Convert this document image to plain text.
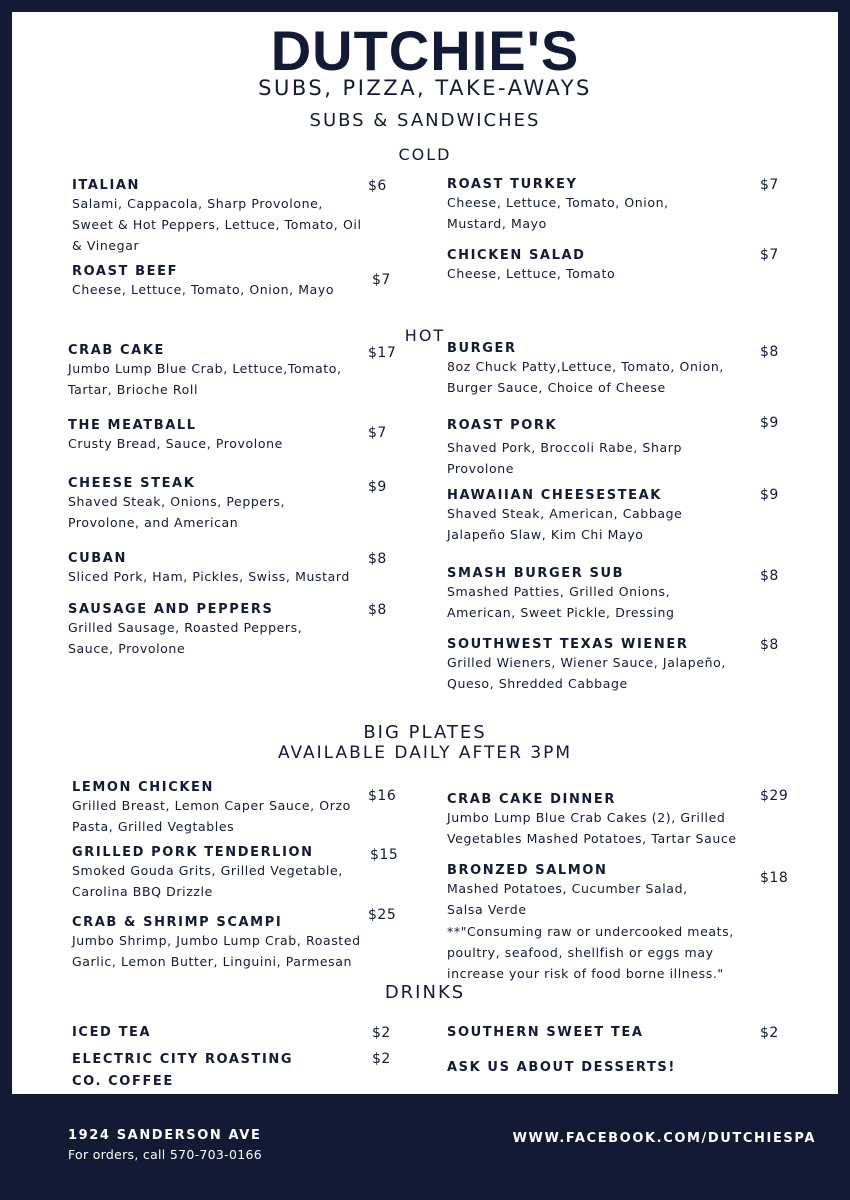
DUTCHIE'S
SUBS, PIZZA, TAKE-AWAYS
SUBS & SANDWICHES
COLD
ITALIAN
Salami, Cappacola, Sharp Provolone, Sweet & Hot Peppers, Lettuce, Tomato, Oil & Vinegar
$6
ROAST BEEF
Cheese, Lettuce, Tomato, Onion, Mayo
$7
ROAST TURKEY
Cheese, Lettuce, Tomato, Onion, Mustard, Mayo
$7
CHICKEN SALAD
Cheese, Lettuce, Tomato
$7
HOT
CRAB CAKE
Jumbo Lump Blue Crab, Lettuce,Tomato, Tartar, Brioche Roll
$17
THE MEATBALL
Crusty Bread, Sauce, Provolone
$7
CHEESE STEAK
Shaved Steak, Onions, Peppers, Provolone, and American
$9
CUBAN
Sliced Pork, Ham, Pickles, Swiss, Mustard
$8
SAUSAGE AND PEPPERS
Grilled Sausage, Roasted Peppers, Sauce, Provolone
$8
BURGER
8oz Chuck Patty,Lettuce, Tomato, Onion, Burger Sauce, Choice of Cheese
$8
ROAST PORK
Shaved Pork, Broccoli Rabe, Sharp Provolone
$9
HAWAIIAN CHEESESTEAK
Shaved Steak, American, Cabbage Jalapeño Slaw, Kim Chi Mayo
$9
SMASH BURGER SUB
Smashed Patties, Grilled Onions, American, Sweet Pickle, Dressing
$8
SOUTHWEST TEXAS WIENER
Grilled Wieners, Wiener Sauce, Jalapeño, Queso, Shredded Cabbage
$8
BIG PLATES
AVAILABLE DAILY AFTER 3PM
LEMON CHICKEN
Grilled Breast, Lemon Caper Sauce, Orzo Pasta, Grilled Vegtables
$16
GRILLED PORK TENDERLION
Smoked Gouda Grits, Grilled Vegetable, Carolina BBQ Drizzle
$15
CRAB & SHRIMP SCAMPI
Jumbo Shrimp, Jumbo Lump Crab, Roasted Garlic, Lemon Butter, Linguini, Parmesan
$25
CRAB CAKE DINNER
Jumbo Lump Blue Crab Cakes (2), Grilled Vegetables Mashed Potatoes, Tartar Sauce
$29
BRONZED SALMON
Mashed Potatoes, Cucumber Salad, Salsa Verde
$18
**"Consuming raw or undercooked meats, poultry, seafood, shellfish or eggs may increase your risk of food borne illness."
DRINKS
ICED TEA	$2
ELECTRIC CITY ROASTING CO. COFFEE
$2
SOUTHERN SWEET TEA	$2
ASK US ABOUT DESSERTS!
1924 SANDERSON AVE
For orders, call 570-703-0166
WWW.FACEBOOK.COM/DUTCHIESPA
